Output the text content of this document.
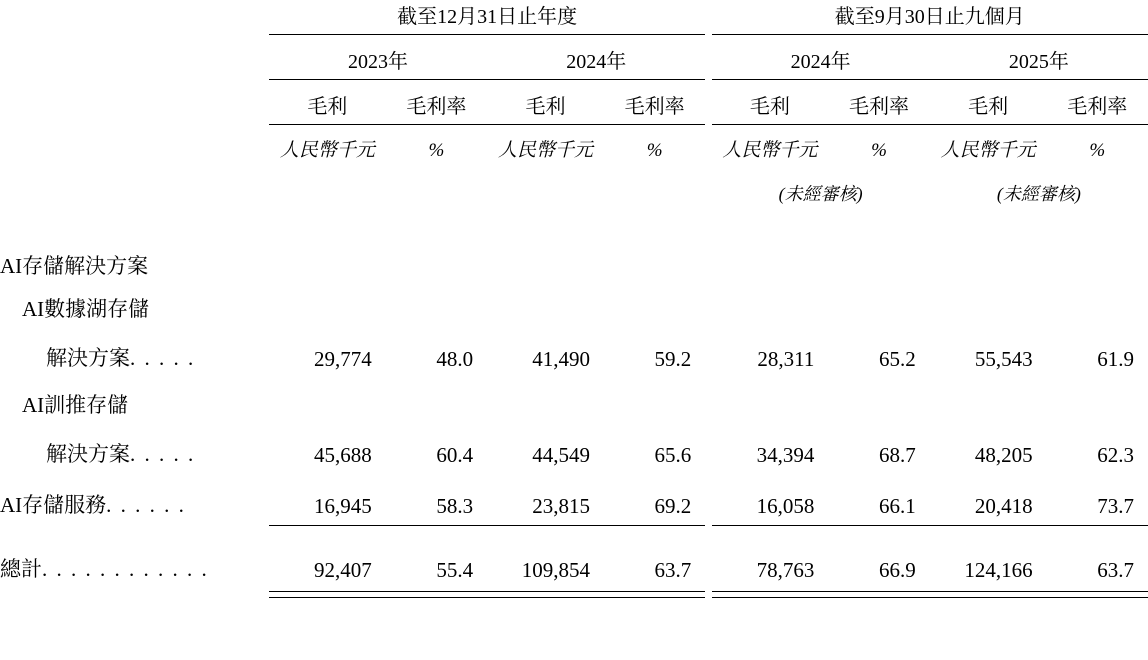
	截至12月31日止年度					截至9月30日止九個月			

	2023年		2024年			2024年		2025年	

	毛利	毛利率	毛利	毛利率		毛利	毛利率	毛利	毛利率

	人民幣千元	%	人民幣千元	%		人民幣千元	%	人民幣千元	%
						(未經審核)		(未經審核)	

AI存儲解決方案									
AI數據湖存儲									
解決方案. . . . .	29,774	48.0	41,490	59.2		28,311	65.2	55,543	61.9
AI訓推存儲									
解決方案. . . . .	45,688	60.4	44,549	65.6		34,394	68.7	48,205	62.3
AI存儲服務. . . . . .	16,945	58.3	23,815	69.2		16,058	66.1	20,418	73.7

總計. . . . . . . . . . . .	92,407	55.4	109,854	63.7		78,763	66.9	124,166	63.7
